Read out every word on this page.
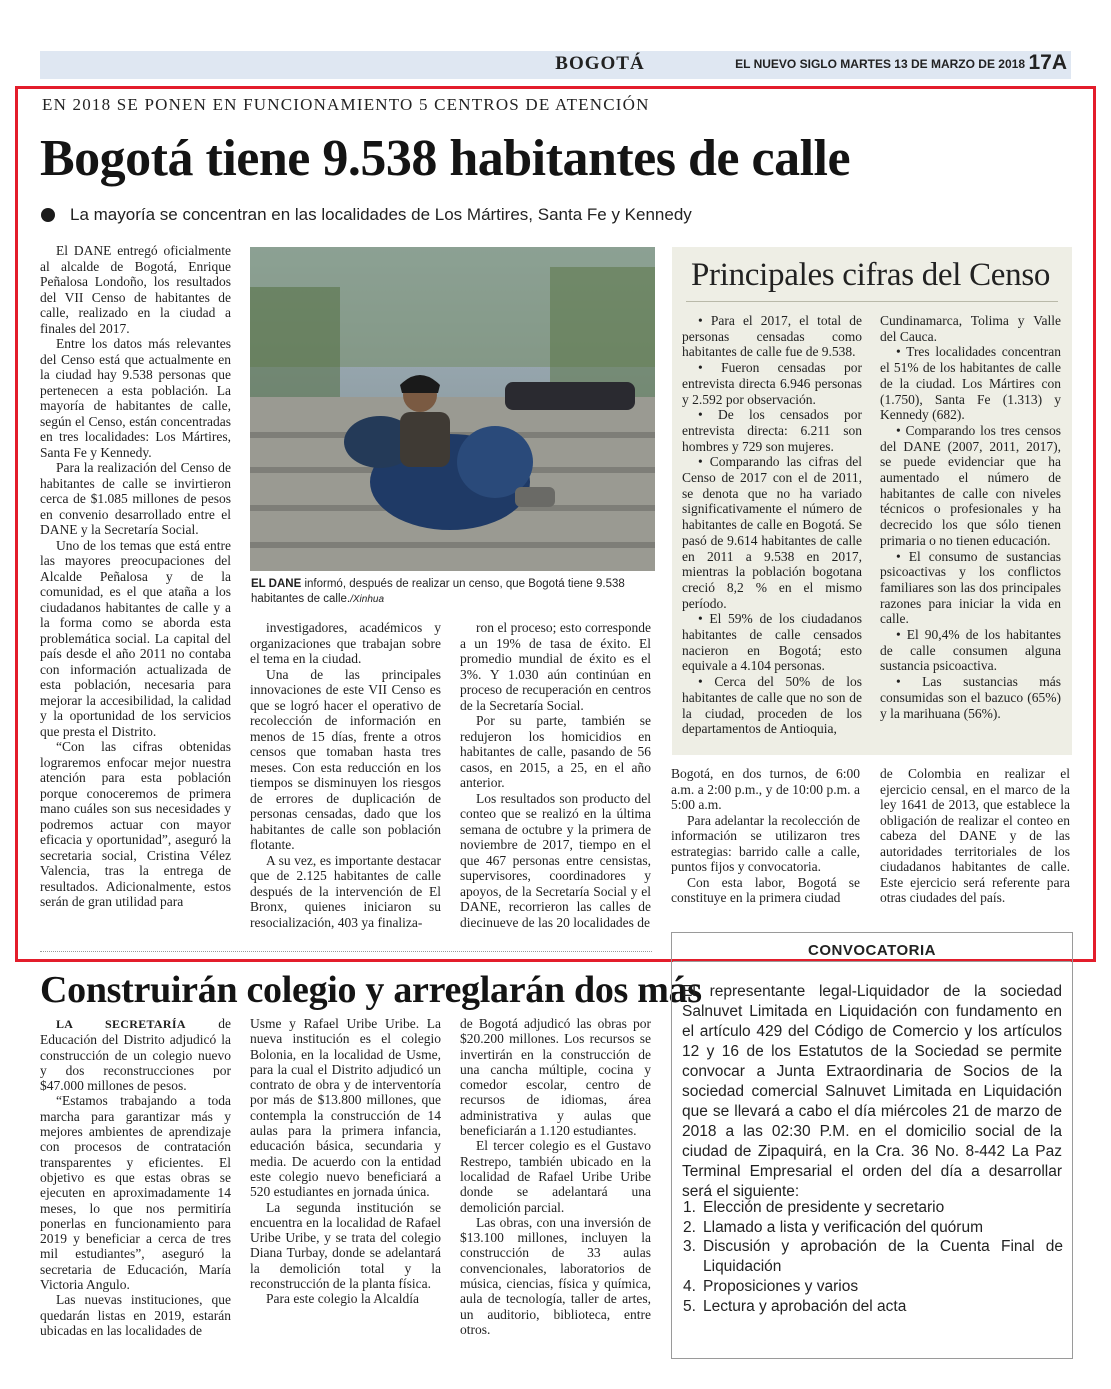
BOGOTÁ	EL NUEVO SIGLO MARTES 13 DE MARZO DE 2018 17A
EN 2018 SE PONEN EN FUNCIONAMIENTO 5 CENTROS DE ATENCIÓN
Bogotá tiene 9.538 habitantes de calle
La mayoría se concentran en las localidades de Los Mártires, Santa Fe y Kennedy

El DANE entregó oficialmente al alcalde de Bogotá, Enrique Peñalosa Londoño, los resultados del VII Censo de habitantes de calle, realizado en la ciudad a finales del 2017.

Entre los datos más relevantes del Censo está que actualmente en la ciudad hay 9.538 personas que pertenecen a esta población. La mayoría de habitantes de calle, según el Censo, están concentradas en tres localidades: Los Mártires, Santa Fe y Kennedy.

Para la realización del Censo de habitantes de calle se invirtieron cerca de $1.085 millones de pesos en convenio desarrollado entre el DANE y la Secretaría Social.

Uno de los temas que está entre las mayores preocupaciones del Alcalde Peñalosa y de la comunidad, es el que ataña a los ciudadanos habitantes de calle y a la forma como se aborda esta problemática social. La capital del país desde el año 2011 no contaba con información actualizada de esta población, necesaria para mejorar la accesibilidad, la calidad y la oportunidad de los servicios que presta el Distrito.

“Con las cifras obtenidas lograremos enfocar mejor nuestra atención para esta población porque conoceremos de primera mano cuáles son sus necesidades y podremos actuar con mayor eficacia y oportunidad”, aseguró la secretaria social, Cristina Vélez Valencia, tras la entrega de resultados. Adicionalmente, estos serán de gran utilidad para

EL DANE informó, después de realizar un censo, que Bogotá tiene 9.538 habitantes de calle./Xinhua

investigadores, académicos y organizaciones que trabajan sobre el tema en la ciudad.

Una de las principales innovaciones de este VII Censo es que se logró hacer el operativo de recolección de información en menos de 15 días, frente a otros censos que tomaban hasta tres meses. Con esta reducción en los tiempos se disminuyen los riesgos de errores de duplicación de personas censadas, dado que los habitantes de calle son población flotante.

A su vez, es importante destacar que de 2.125 habitantes de calle después de la intervención de El Bronx, quienes iniciaron su resocialización, 403 ya finaliza-

ron el proceso; esto corresponde a un 19% de tasa de éxito. El promedio mundial de éxito es el 3%. Y 1.030 aún continúan en proceso de recuperación en centros de la Secretaría Social.

Por su parte, también se redujeron los homicidios en habitantes de calle, pasando de 56 casos, en 2015, a 25, en el año anterior.

Los resultados son producto del conteo que se realizó en la última semana de octubre y la primera de noviembre de 2017, tiempo en el que 467 personas entre censistas, supervisores, coordinadores y apoyos, de la Secretaría Social y el DANE, recorrieron las calles de diecinueve de las 20 localidades de

Bogotá, en dos turnos, de 6:00 a.m. a 2:00 p.m., y de 10:00 p.m. a 5:00 a.m.

Para adelantar la recolección de información se utilizaron tres estrategias: barrido calle a calle, puntos fijos y convocatoria.

Con esta labor, Bogotá se constituye en la primera ciudad

de Colombia en realizar el ejercicio censal, en el marco de la ley 1641 de 2013, que establece la obligación de realizar el conteo en cabeza del DANE y de las autoridades territoriales de los ciudadanos habitantes de calle. Este ejercicio será referente para otras ciudades del país.

Principales cifras del Censo

• Para el 2017, el total de personas censadas como habitantes de calle fue de 9.538.

• Fueron censadas por entrevista directa 6.946 personas y 2.592 por observación.

• De los censados por entrevista directa: 6.211 son hombres y 729 son mujeres.

• Comparando las cifras del Censo de 2017 con el de 2011, se denota que no ha variado significativamente el número de habitantes de calle en Bogotá. Se pasó de 9.614 habitantes de calle en 2011 a 9.538 en 2017, mientras la población bogotana creció 8,2 % en el mismo período.

• El 59% de los ciudadanos habitantes de calle censados nacieron en Bogotá; esto equivale a 4.104 personas.

• Cerca del 50% de los habitantes de calle que no son de la ciudad, proceden de los departamentos de Antioquia,

Cundinamarca, Tolima y Valle del Cauca.

• Tres localidades concentran el 51% de los habitantes de calle de la ciudad. Los Mártires con (1.750), Santa Fe (1.313) y Kennedy (682).

• Comparando los tres censos del DANE (2007, 2011, 2017), se puede evidenciar que ha aumentado el número de habitantes de calle con niveles técnicos o profesionales y ha decrecido los que sólo tienen primaria o no tienen educación.

• El consumo de sustancias psicoactivas y los conflictos familiares son las dos principales razones para iniciar la vida en calle.

• El 90,4% de los habitantes de calle consumen alguna sustancia psicoactiva.

• Las sustancias más consumidas son el bazuco (65%) y la marihuana (56%).

Construirán colegio y arreglarán dos más

LA SECRETARÍA de Educación del Distrito adjudicó la construcción de un colegio nuevo y dos reconstrucciones por $47.000 millones de pesos.

“Estamos trabajando a toda marcha para garantizar más y mejores ambientes de aprendizaje con procesos de contratación transparentes y eficientes. El objetivo es que estas obras se ejecuten en aproximadamente 14 meses, lo que nos permitiría ponerlas en funcionamiento para 2019 y beneficiar a cerca de tres mil estudiantes”, aseguró la secretaria de Educación, María Victoria Angulo.

Las nuevas instituciones, que quedarán listas en 2019, estarán ubicadas en las localidades de

Usme y Rafael Uribe Uribe. La nueva institución es el colegio Bolonia, en la localidad de Usme, para la cual el Distrito adjudicó un contrato de obra y de interventoría por más de $13.800 millones, que contempla la construcción de 14 aulas para la primera infancia, educación básica, secundaria y media. De acuerdo con la entidad este colegio nuevo beneficiará a 520 estudiantes en jornada única.

La segunda institución se encuentra en la localidad de Rafael Uribe Uribe, y se trata del colegio Diana Turbay, donde se adelantará la demolición total y la reconstrucción de la planta física.

Para este colegio la Alcaldía

de Bogotá adjudicó las obras por $20.200 millones. Los recursos se invertirán en la construcción de una cancha múltiple, cocina y comedor escolar, centro de recursos de idiomas, área administrativa y aulas que beneficiarán a 1.120 estudiantes.

El tercer colegio es el Gustavo Restrepo, también ubicado en la localidad de Rafael Uribe Uribe donde se adelantará una demolición parcial.

Las obras, con una inversión de $13.100 millones, incluyen la construcción de 33 aulas convencionales, laboratorios de música, ciencias, física y química, aula de tecnología, taller de artes, un auditorio, biblioteca, entre otros.

CONVOCATORIA
El representante legal-Liquidador de la sociedad Salnuvet Limitada en Liquidación con fundamento en el artículo 429 del Código de Comercio y los artículos 12 y 16 de los Estatutos de la Sociedad se permite convocar a Junta Extraordinaria de Socios de la sociedad comercial Salnuvet Limitada en Liquidación que se llevará a cabo el día miércoles 21 de marzo de 2018 a las 02:30 P.M. en el domicilio social de la ciudad de Zipaquirá, en la Cra. 36 No. 8-442 La Paz Terminal Empresarial el orden del día a desarrollar será el siguiente:
1. Elección de presidente y secretario
2. Llamado a lista y verificación del quórum
3. Discusión y aprobación de la Cuenta Final de Liquidación
4. Proposiciones y varios
5. Lectura y aprobación del acta
